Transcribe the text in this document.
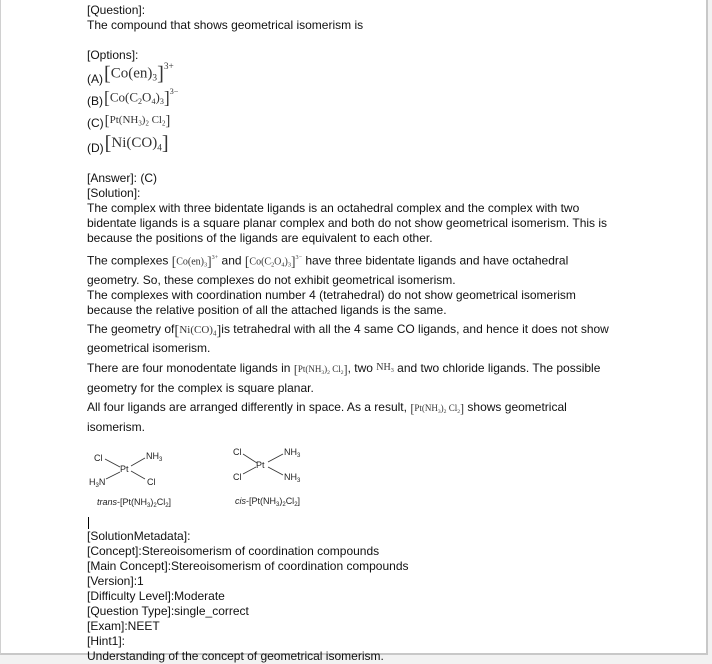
[Question]:
The compound that shows geometrical isomerism is
[Options]:
(A) $[Co(en)_3]^{3+}$
(B) $[Co(C_2O_4)_3]^{3-}$
(C) [$Pt(NH_3)_2$ $Cl_2$]
(D) $[Ni(CO)_4]$
[Answer]: (C)
[Solution]:
The complex with three bidentate ligands is an octahedral complex and the complex with two
bidentate ligands is a square planar complex and both do not show geometrical isomerism. This is
because the positions of the ligands are equivalent to each other.
The complexes $[Co(en)_3]^{3+}$ and $[Co(C_2O_4)_3]^{3-}$ have three bidentate ligands and have octahedral
geometry. So, these complexes do not exhibit geometrical isomerism.
The complexes with coordination number 4 (tetrahedral) do not show geometrical isomerism
because the relative position of all the attached ligands is the same.
The geometry $of[Ni(CO)_4]is$ tetrahedral with all the 4 same CO ligands, and hence it does not show
geometrical isomerism.
There are four monodentate ligands in [$Pt(NH_3)_2$ $Cl_2$], two $NH_3$ and two chloride ligands. The possible
geometry for the complex is square planar.
All four ligands are arranged differently in space. As a result, [$Pt(NH_3)_2$ $Cl_2$] shows geometrical
isomerism.
Cl
Pt
$NH_3$
$H_3N$	Cl
trans-$[Pt(NH_3)_2Cl_2]$
Cl
Pt
$NH_3$
Cl	$NH_3$
cis-$[Pt(NH_3)_2Cl_2]$
[SolutionMetadata]:
[Concept]:Stereoisomerism of coordination compounds
[Main Concept]:Stereoisomerism of coordination compounds
[Version]:1
[Difficulty Level]:Moderate
[Question Type]:single_correct
[Exam]:NEET
[Hint1]:
Understanding of the concept of geometrical isomerism.
